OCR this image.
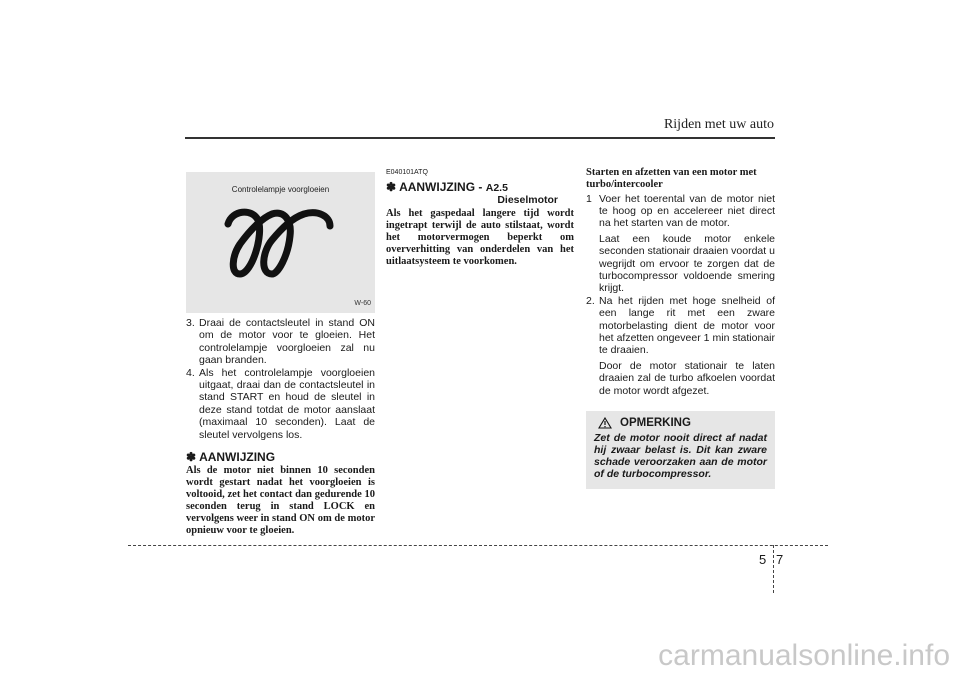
Rijden met uw auto
Controlelampje voorgloeien
W-60
3. Draai de contactsleutel in stand ON om de motor voor te gloeien. Het controlelampje voorgloeien zal nu gaan branden.
4. Als het controlelampje voorgloeien uitgaat, draai dan de contactsleutel in stand START en houd de sleutel in deze stand totdat de motor aanslaat (maximaal 10 seconden). Laat de sleutel vervolgens los.
✽ AANWIJZING
Als de motor niet binnen 10 seconden wordt gestart nadat het voorgloeien is voltooid, zet het contact dan gedurende 10 seconden terug in stand LOCK en vervolgens weer in stand ON om de motor opnieuw voor te gloeien.
E040101ATQ
✽ AANWIJZING - A2.5
Dieselmotor
Als het gaspedaal langere tijd wordt ingetrapt terwijl de auto stilstaat, wordt het motorvermogen beperkt om oververhitting van onderdelen van het uitlaatsysteem te voorkomen.
Starten en afzetten van een motor met turbo/intercooler
1 Voer het toerental van de motor niet te hoog op en accelereer niet direct na het starten van de motor.
Laat een koude motor enkele seconden stationair draaien voordat u wegrijdt om ervoor te zorgen dat de turbocompressor voldoende smering krijgt.
2. Na het rijden met hoge snelheid of een lange rit met een zware motorbelasting dient de motor voor het afzetten ongeveer 1 min stationair te draaien.
Door de motor stationair te laten draaien zal de turbo afkoelen voordat de motor wordt afgezet.
OPMERKING
Zet de motor nooit direct af nadat hij zwaar belast is. Dit kan zware schade veroorzaken aan de motor of de turbocompressor.
5 7
carmanualsonline.info
